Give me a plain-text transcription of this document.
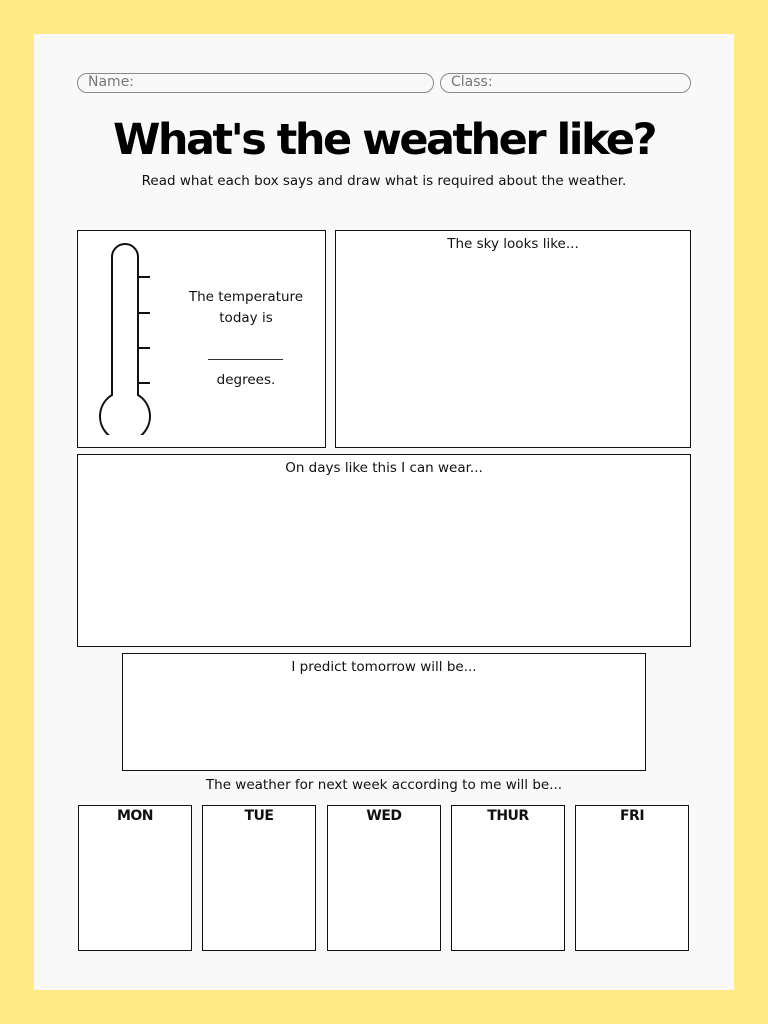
Name:	Class:
What's the weather like?
Read what each box says and draw what is required about the weather.
The temperature
today is
degrees.
The sky looks like...
On days like this I can wear...
I predict tomorrow will be...
The weather for next week according to me will be...
MON	TUE	WED	THUR	FRI
